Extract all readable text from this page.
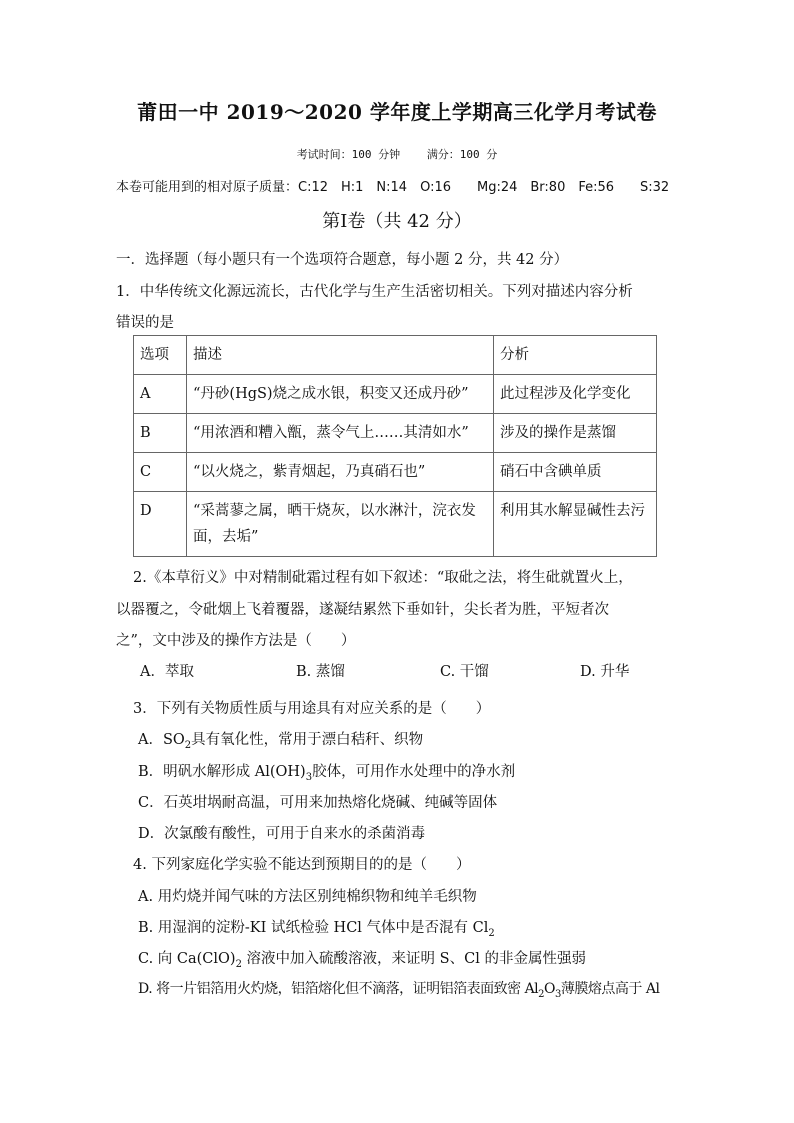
莆田一中 2019～2020 学年度上学期高三化学月考试卷
考试时间：100 分钟 满分：100 分
本卷可能用到的相对原子质量：C:12　H:1　N:14　O:16　　Mg:24　Br:80　Fe:56　　S:32
第Ⅰ卷（共 42 分）
一．选择题（每小题只有一个选项符合题意，每小题 2 分，共 42 分）
1．中华传统文化源远流长，古代化学与生产生活密切相关。下列对描述内容分析
错误的是
选项	描述	分析
A	“丹砂(HgS)烧之成水银，积变又还成丹砂”	此过程涉及化学变化
B	“用浓酒和糟入甑，蒸令气上……其清如水”	涉及的操作是蒸馏
C	“以火烧之，紫青烟起，乃真硝石也”	硝石中含碘单质
D	“采蒿蓼之属，晒干烧灰，以水淋汁，浣衣发面，去垢”	利用其水解显碱性去污
2.《本草衍义》中对精制砒霜过程有如下叙述：“取砒之法，将生砒就置火上，
以器覆之，令砒烟上飞着覆器，遂凝结累然下垂如针，尖长者为胜，平短者次
之”，文中涉及的操作方法是（　　）
A．萃取	B. 蒸馏	C. 干馏	D. 升华
3．下列有关物质性质与用途具有对应关系的是（　　）
A．$SO_2$具有氧化性，常用于漂白秸秆、织物
B．明矾水解形成 $Al(OH)_3$胶体，可用作水处理中的净水剂
C．石英坩埚耐高温，可用来加热熔化烧碱、纯碱等固体
D．次氯酸有酸性，可用于自来水的杀菌消毒
4. 下列家庭化学实验不能达到预期目的的是（　　）
A. 用灼烧并闻气味的方法区别纯棉织物和纯羊毛织物
B. 用湿润的淀粉-KI 试纸检验 HCl 气体中是否混有 $Cl_2$
C. 向 $Ca(ClO)_2$ 溶液中加入硫酸溶液，来证明 S、Cl 的非金属性强弱
D. 将一片铝箔用火灼烧，铝箔熔化但不滴落，证明铝箔表面致密 $Al_2O_3$薄膜熔点高于 Al
